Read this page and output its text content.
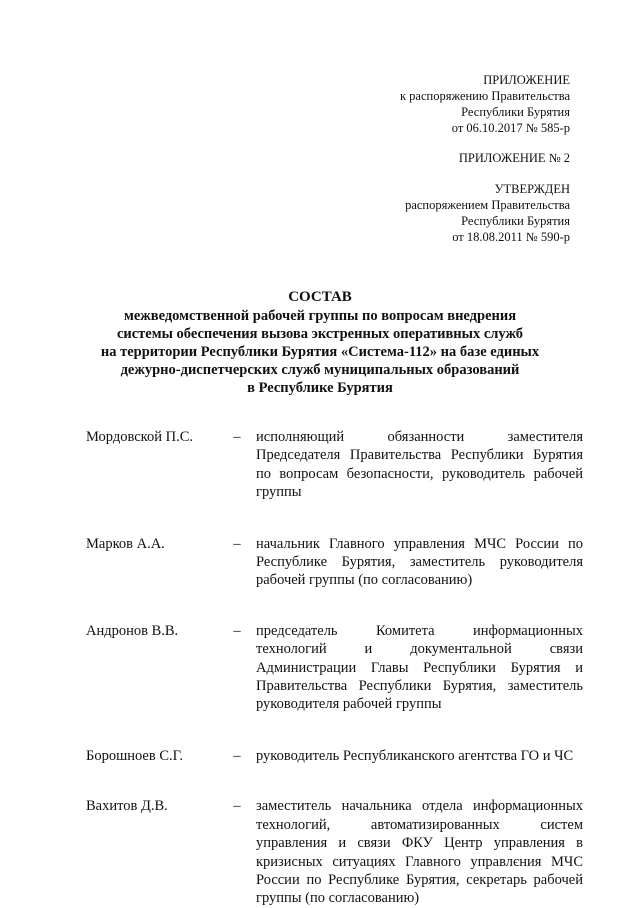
ПРИЛОЖЕНИЕ
к распоряжению Правительства
Республики Бурятия
от 06.10.2017 № 585-р
ПРИЛОЖЕНИЕ № 2
УТВЕРЖДЕН
распоряжением Правительства
Республики Бурятия
от 18.08.2011 № 590-р
СОСТАВ
межведомственной рабочей группы по вопросам внедрения
системы обеспечения вызова экстренных оперативных служб
на территории Республики Бурятия «Система-112» на базе единых
дежурно-диспетчерских служб муниципальных образований
в Республике Бурятия
Мордовской П.С.	–	исполняющий обязанности заместителя Председателя Правительства Республики Бурятия по вопросам безопасности, руководитель рабочей группы
Марков А.А.	–	начальник Главного управления МЧС России по Республике Бурятия, заместитель руководителя рабочей группы (по согласованию)
Андронов В.В.	–	председатель Комитета информационных технологий и документальной связи Администрации Главы Республики Бурятия и Правительства Республики Бурятия, заместитель руководителя рабочей группы
Борошноев С.Г.	–	руководитель Республиканского агентства ГО и ЧС
Вахитов Д.В.	–	заместитель начальника отдела информационных технологий, автоматизированных систем управления и связи ФКУ Центр управления в кризисных ситуациях Главного управлєния МЧС России по Республике Бурятия, секретарь рабочей группы (по согласованию)
